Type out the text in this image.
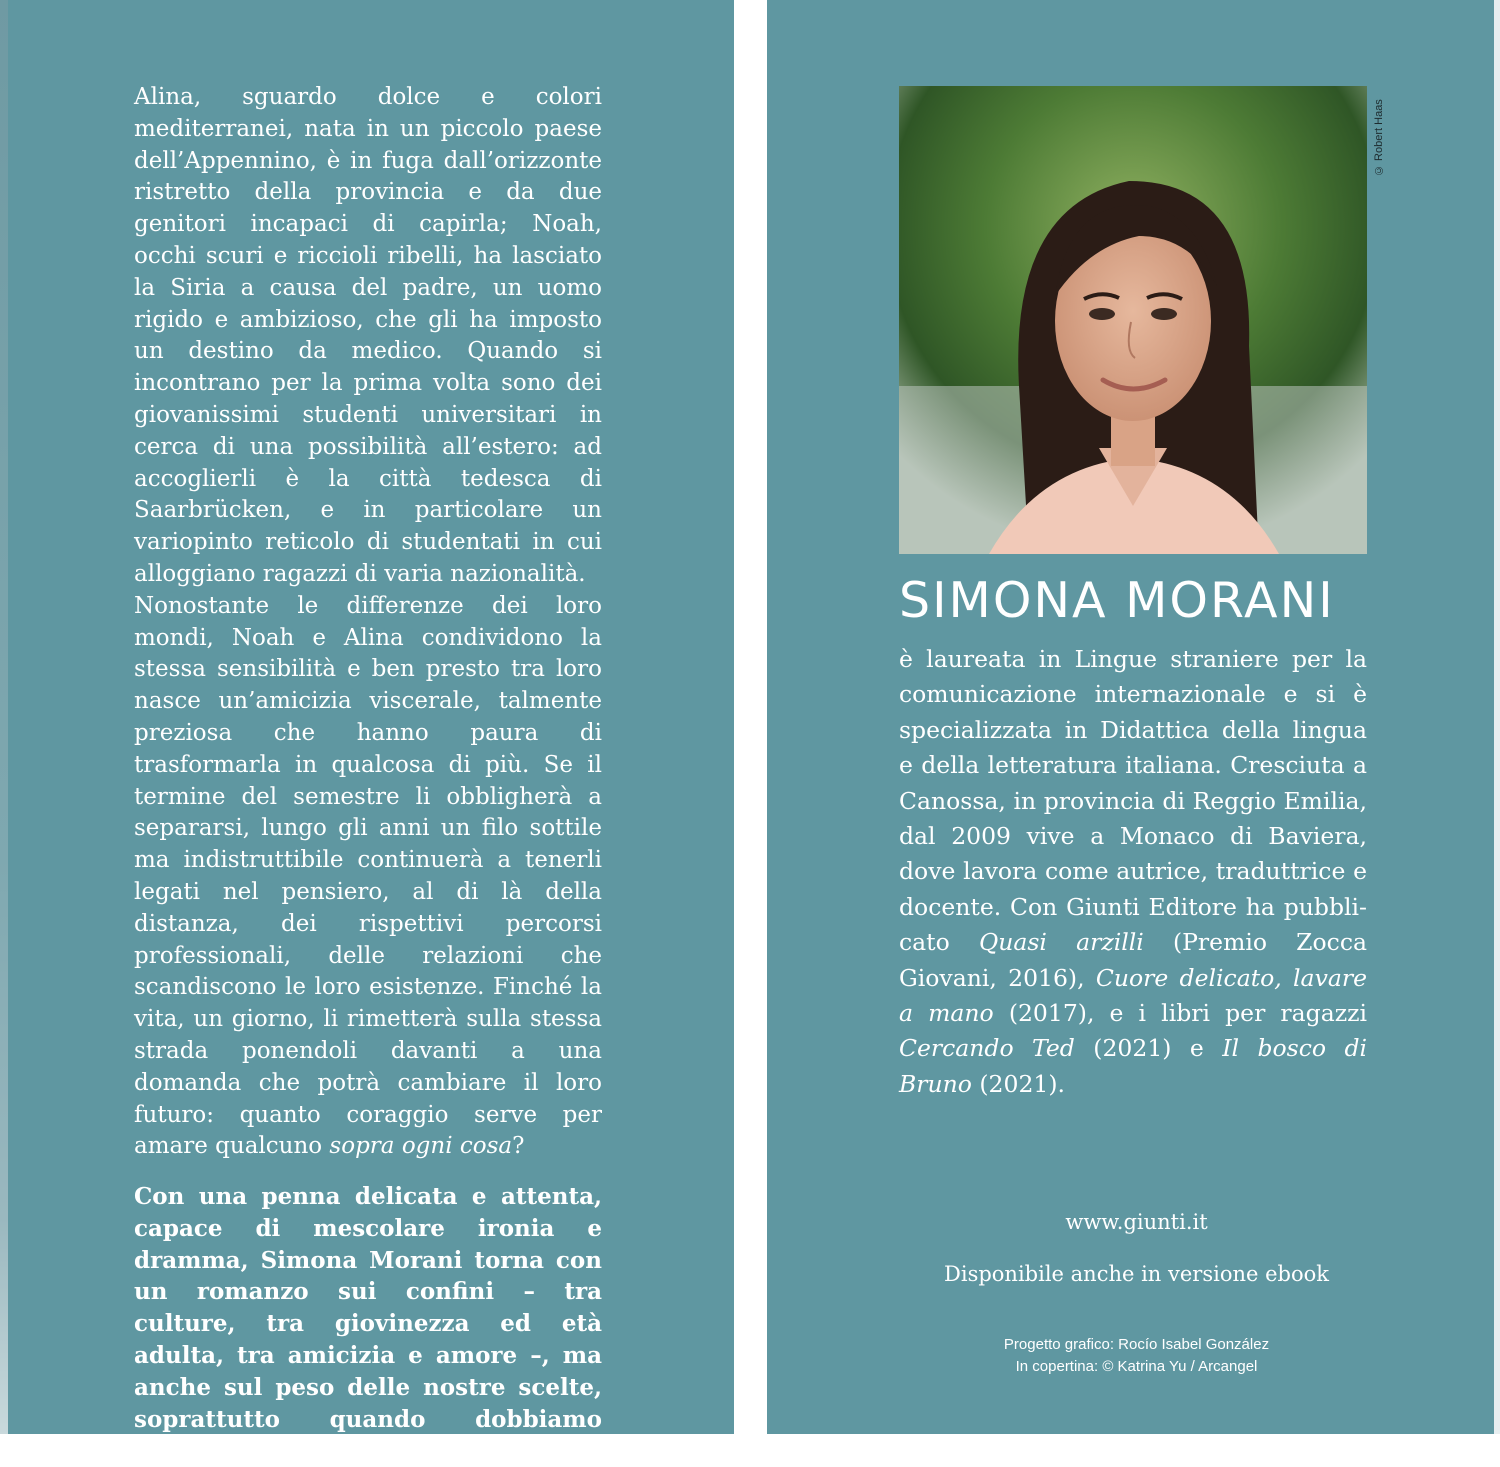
Alina, sguardo dolce e colori mediterranei, nata in un piccolo paese dell’Appennino, è in fuga dall’orizzonte ristretto della provincia e da due genitori incapaci di capirla; Noah, occhi scuri e riccioli ribelli, ha lasciato la Siria a causa del padre, un uomo rigido e ambizioso, che gli ha imposto un destino da medico. Quando si incontrano per la prima volta sono dei giovanissimi studenti universitari in cerca di una possibilità all’estero: ad accoglierli è la città tedesca di Saarbrücken, e in particolare un variopinto reticolo di studentati in cui alloggiano ragazzi di varia nazionalità.

Nonostante le differenze dei loro mondi, Noah e Alina condividono la stessa sensibilità e ben presto tra loro nasce un’amicizia viscerale, talmente preziosa che hanno paura di trasformarla in qualcosa di più. Se il termine del semestre li obbligherà a separarsi, lungo gli anni un filo sottile ma indistruttibile continuerà a tenerli legati nel pensiero, al di là della distanza, dei rispettivi percorsi professionali, delle relazioni che scandiscono le loro esistenze. Finché la vita, un giorno, li rimetterà sulla stessa strada ponendoli davanti a una domanda che potrà cambiare il loro futuro: quanto coraggio serve per amare qualcuno sopra ogni cosa?

Con una penna delicata e attenta, capace di mescolare ironia e dramma, Simona Morani torna con un romanzo sui confini – tra culture, tra giovinezza ed età adulta, tra amicizia e amore –, ma anche sul peso delle nostre scelte, soprattutto quando dobbiamo decidere qual è la nostra vera casa.

© Robert Haas
SIMONA MORANI
è laureata in Lingue straniere per la comunicazione internazionale e si è specializzata in Didattica della lingua e della letteratura italiana. Cresciuta a Canossa, in provincia di Reggio Emilia, dal 2009 vive a Monaco di Baviera, dove lavora come autrice, traduttrice e docente. Con Giunti Editore ha pubblicato Quasi arzilli (Premio Zocca Giovani, 2016), Cuore delicato, lavare a mano (2017), e i libri per ragazzi Cercando Ted (2021) e Il bosco di Bruno (2021).
www.giunti.it
Disponibile anche in versione ebook
Progetto grafico: Rocío Isabel González
In copertina: © Katrina Yu / Arcangel
